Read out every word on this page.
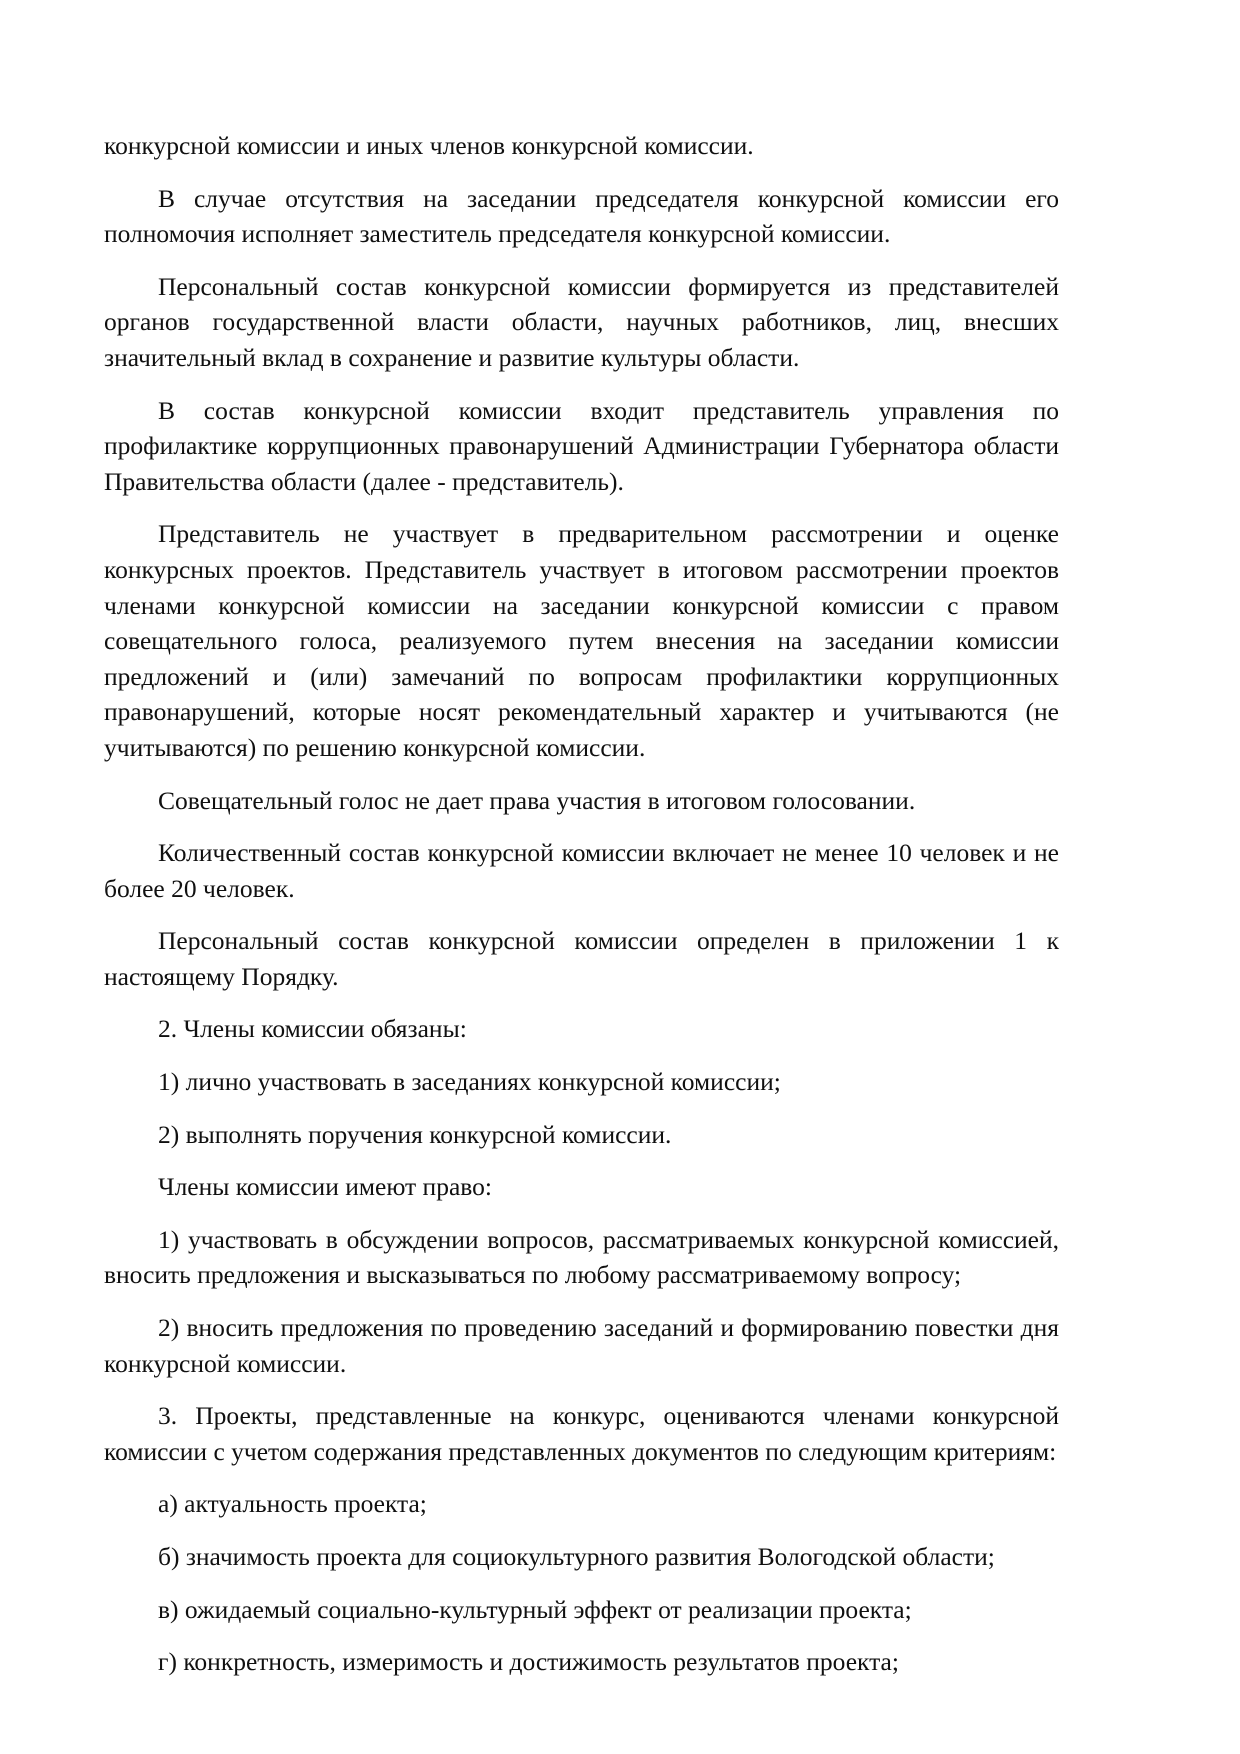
конкурсной комиссии и иных членов конкурсной комиссии.

В случае отсутствия на заседании председателя конкурсной комиссии его полномочия исполняет заместитель председателя конкурсной комиссии.

Персональный состав конкурсной комиссии формируется из представителей органов государственной власти области, научных работников, лиц, внесших значительный вклад в сохранение и развитие культуры области.

В состав конкурсной комиссии входит представитель управления по профилактике коррупционных правонарушений Администрации Губернатора области Правительства области (далее - представитель).

Представитель не участвует в предварительном рассмотрении и оценке конкурсных проектов. Представитель участвует в итоговом рассмотрении проектов членами конкурсной комиссии на заседании конкурсной комиссии с правом совещательного голоса, реализуемого путем внесения на заседании комиссии предложений и (или) замечаний по вопросам профилактики коррупционных правонарушений, которые носят рекомендательный характер и учитываются (не учитываются) по решению конкурсной комиссии.

Совещательный голос не дает права участия в итоговом голосовании.

Количественный состав конкурсной комиссии включает не менее 10 человек и не более 20 человек.

Персональный состав конкурсной комиссии определен в приложении 1 к настоящему Порядку.

2. Члены комиссии обязаны:

1) лично участвовать в заседаниях конкурсной комиссии;

2) выполнять поручения конкурсной комиссии.

Члены комиссии имеют право:

1) участвовать в обсуждении вопросов, рассматриваемых конкурсной комиссией, вносить предложения и высказываться по любому рассматриваемому вопросу;

2) вносить предложения по проведению заседаний и формированию повестки дня конкурсной комиссии.

3. Проекты, представленные на конкурс, оцениваются членами конкурсной комиссии с учетом содержания представленных документов по следующим критериям:

а) актуальность проекта;

б) значимость проекта для социокультурного развития Вологодской области;

в) ожидаемый социально-культурный эффект от реализации проекта;

г) конкретность, измеримость и достижимость результатов проекта;
